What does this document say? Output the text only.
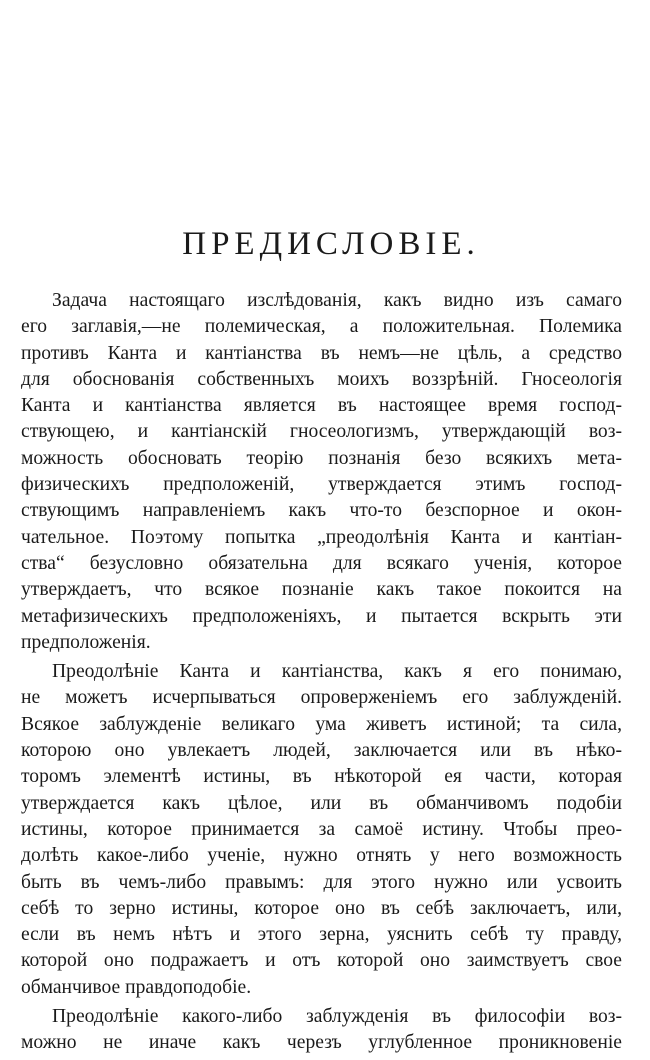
ПРЕДИСЛОВІЕ.
Задача настоящаго изслѣдованія, какъ видно изъ самаго
его заглавія,—не полемическая, а положительная. Полемика
противъ Канта и кантіанства въ немъ—не цѣль, а средство
для обоснованія собственныхъ моихъ воззрѣній. Гносеологія
Канта и кантіанства является въ настоящее время господ-
ствующею, и кантіанскій гносеологизмъ, утверждающій воз-
можность обосновать теорію познанія безо всякихъ мета-
физическихъ предположеній, утверждается этимъ господ-
ствующимъ направленіемъ какъ что-то безспорное и окон-
чательное. Поэтому попытка „преодолѣнія Канта и кантіан-
ства“ безусловно обязательна для всякаго ученія, которое
утверждаетъ, что всякое познаніе какъ такое покоится на
метафизическихъ предположеніяхъ, и пытается вскрыть эти
предположенія.
Преодолѣніе Канта и кантіанства, какъ я его понимаю,
не можетъ исчерпываться опроверженіемъ его заблужденій.
Всякое заблужденіе великаго ума живетъ истиной; та сила,
которою оно увлекаетъ людей, заключается или въ нѣко-
торомъ элементѣ истины, въ нѣкоторой ея части, которая
утверждается какъ цѣлое, или въ обманчивомъ подобіи
истины, которое принимается за самоё истину. Чтобы прео-
долѣть какое-либо ученіе, нужно отнять у него возможность
быть въ чемъ-либо правымъ: для этого нужно или усвоить
себѣ то зерно истины, которое оно въ себѣ заключаетъ, или,
если въ немъ нѣтъ и этого зерна, уяснить себѣ ту правду,
которой оно подражаетъ и отъ которой оно заимствуетъ свое
обманчивое правдоподобіе.
Преодолѣніе какого-либо заблужденія въ философіи воз-
можно не иначе какъ черезъ углубленное проникновеніе
